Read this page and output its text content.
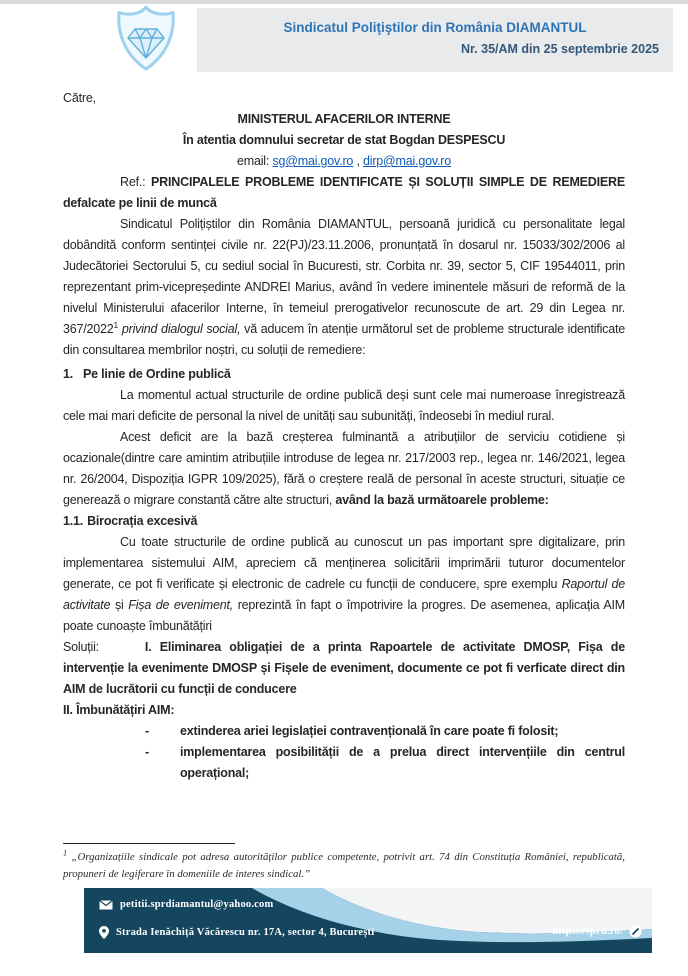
Sindicatul Poliţiştilor din România DIAMANTUL
Nr. 35/AM din 25 septembrie 2025

Către,

MINISTERUL AFACERILOR INTERNE

În atentia domnului secretar de stat Bogdan DESPESCU

email: sg@mai.gov.ro , dirp@mai.gov.ro

Ref.: PRINCIPALELE PROBLEME IDENTIFICATE ȘI SOLUȚII SIMPLE DE REMEDIERE defalcate pe linii de muncă

Sindicatul Polițiștilor din România DIAMANTUL, persoană juridică cu personalitate legal dobândită conform sentinței civile nr. 22(PJ)/23.11.2006, pronunțată în dosarul nr. 15033/302/2006 al Judecătoriei Sectorului 5, cu sediul social în Bucuresti, str. Corbita nr. 39, sector 5, CIF 19544011, prin reprezentant prim-vicepreședinte ANDREI Marius, având în vedere iminentele măsuri de reformă de la nivelul Ministerului afacerilor Interne, în temeiul prerogativelor recunoscute de art. 29 din Legea nr. 367/2022$^1$ privind dialogul social, vă aducem în atenție următorul set de probleme structurale identificate din consultarea membrilor noștri, cu soluții de remediere:

1. Pe linie de Ordine publică

La momentul actual structurile de ordine publică deși sunt cele mai numeroase înregistrează cele mai mari deficite de personal la nivel de unități sau subunități, îndeosebi în mediul rural.

Acest deficit are la bază creșterea fulminantă a atribuțiilor de serviciu cotidiene și ocazionale(dintre care amintim atribuțiile introduse de legea nr. 217/2003 rep., legea nr. 146/2021, legea nr. 26/2004, Dispoziția IGPR 109/2025), fără o creștere reală de personal în aceste structuri, situație ce generează o migrare constantă către alte structuri, având la bază următoarele probleme:

1.1. Birocrația excesivă

Cu toate structurile de ordine publică au cunoscut un pas important spre digitalizare, prin implementarea sistemului AIM, apreciem că menținerea solicitării imprimării tuturor documentelor generate, ce pot fi verificate și electronic de cadrele cu funcții de conducere, spre exemplu Raportul de activitate și Fișa de eveniment, reprezintă în fapt o împotrivire la progres. De asemenea, aplicația AIM poate cunoaște îmbunătățiri

Soluții:	I. Eliminarea obligației de a printa Rapoartele de activitate DMOSP, Fișa de intervenție la evenimente DMOSP și Fișele de eveniment, documente ce pot fi verficate direct din AIM de lucrătorii cu funcții de conducere

II. Îmbunătățiri AIM:

-	extinderea ariei legislației contravențională în care poate fi folosit;
-	implementarea posibilității de a prelua direct intervențiile din centrul operațional;

$^1$ „Organizațiile sindicale pot adresa autorităților publice competente, potrivit art. 74 din Constituția României, republicată, propuneri de legiferare în domeniile de interes sindical.”

petitii.sprdiamantul@yahoo.com
Strada Ienăchiță Văcărescu nr. 17A, sector 4, București	https://sprd.ro/
